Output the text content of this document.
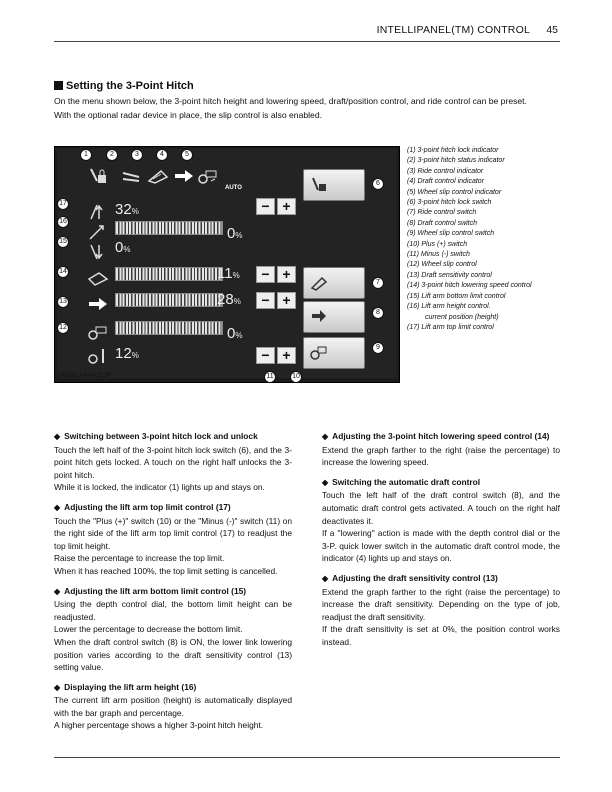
INTELLIPANEL(TM) CONTROL 45
Setting the 3-Point Hitch
On the menu shown below, the 3-point hitch height and lowering speed, draft/position control, and ride control can be preset.
With the optional radar device in place, the slip control is also enabled.
AUTO
32%	− +
0%
0%
11%	− +
28%	− +
0%
12%	− +
1	2	3	4	5
6
7
8
9
10
11
12
13
14
15
16
17
1AGBCAAAP153F
(1) 3-point hitch lock indicator
(2) 3-point hitch status indicator
(3) Ride control indicator
(4) Draft control indicator
(5) Wheel slip control indicator
(6) 3-point hitch lock switch
(7) Ride control switch
(8) Draft control switch
(9) Wheel slip control switch
(10) Plus (+) switch
(11) Minus (-) switch
(12) Wheel slip control
(13) Draft sensitivity control
(14) 3-point hitch lowering speed control
(15) Lift arm bottom limit control
(16) Lift arm height control.
current position (height)
(17) Lift arm top limit control
◆ Switching between 3-point hitch lock and unlock
Touch the left half of the 3-point hitch lock switch (6), and the 3-point hitch gets locked. A touch on the right half unlocks the 3-point hitch.
While it is locked, the indicator (1) lights up and stays on.
◆ Adjusting the lift arm top limit control (17)
Touch the "Plus (+)" switch (10) or the "Minus (-)" switch (11) on the right side of the lift arm top limit control (17) to readjust the top limit height.
Raise the percentage to increase the top limit.
When it has reached 100%, the top limit setting is cancelled.
◆ Adjusting the lift arm bottom limit control (15)
Using the depth control dial, the bottom limit height can be readjusted.
Lower the percentage to decrease the bottom limit.
When the draft control switch (8) is ON, the lower link lowering position varies according to the draft sensitivity control (13) setting value.
◆ Displaying the lift arm height (16)
The current lift arm position (height) is automatically displayed with the bar graph and percentage.
A higher percentage shows a higher 3-point hitch height.
◆ Adjusting the 3-point hitch lowering speed control (14)
Extend the graph farther to the right (raise the percentage) to increase the lowering speed.
◆ Switching the automatic draft control
Touch the left half of the draft control switch (8), and the automatic draft control gets activated. A touch on the right half deactivates it.
If a "lowering" action is made with the depth control dial or the 3-P. quick lower switch in the automatic draft control mode, the indicator (4) lights up and stays on.
◆ Adjusting the draft sensitivity control (13)
Extend the graph farther to the right (raise the percentage) to increase the draft sensitivity. Depending on the type of job, readjust the draft sensitivity.
If the draft sensitivity is set at 0%, the position control works instead.
